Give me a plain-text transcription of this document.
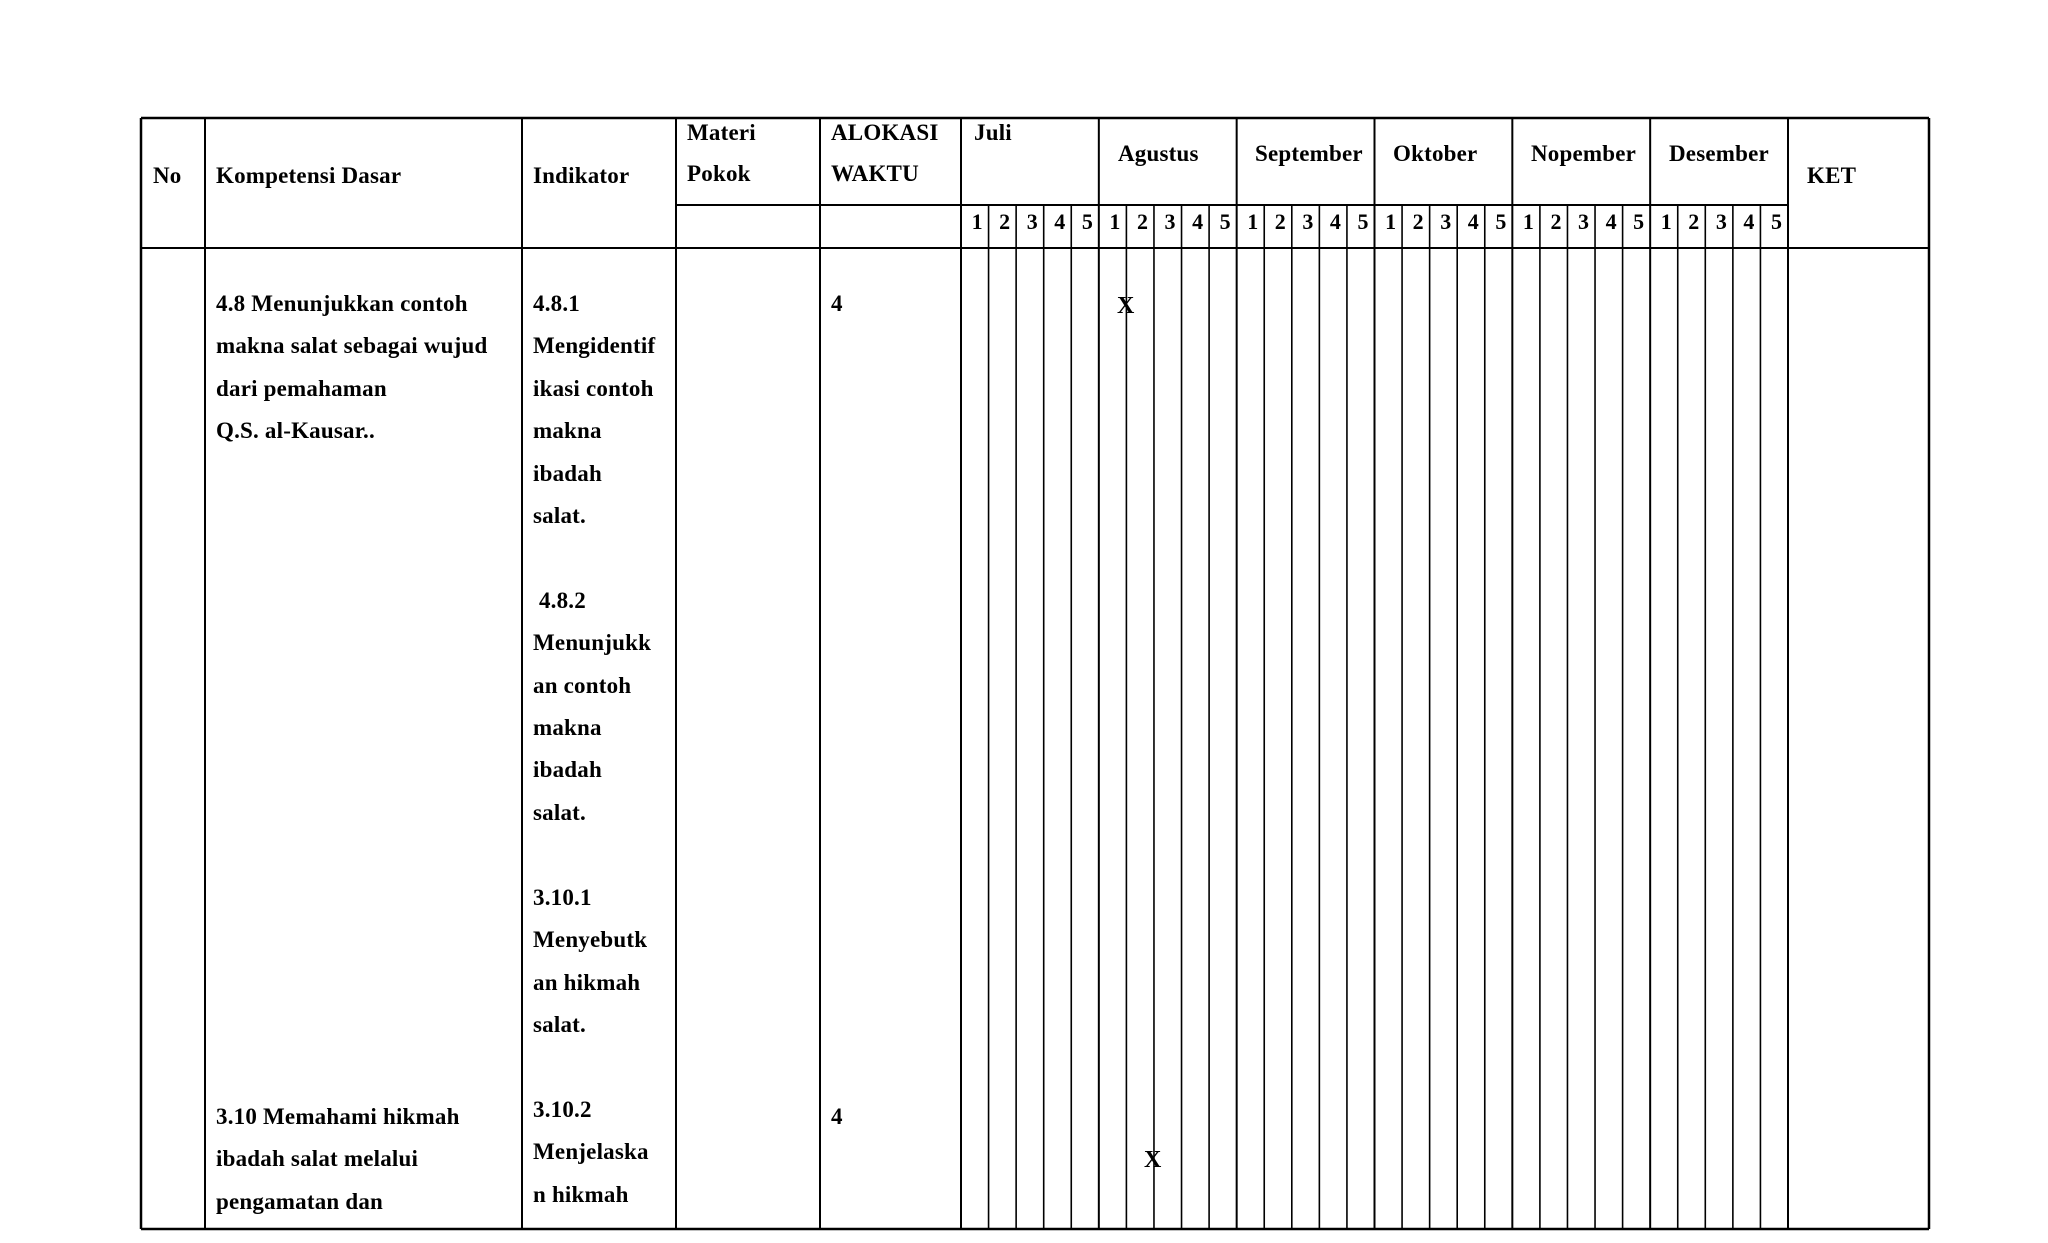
No Kompetensi Dasar	Indikator
Materi
Pokok
ALOKASI
WAKTU
Juli
Agustus September Oktober Nopember Desember
KET
1 2 3 4 5 1 2 3 4 5 1 2 3 4 5 1 2 3 4 5 1 2 3 4 5 1 2 3 4 5
4.8 Menunjukkan contoh
makna salat sebagai wujud
dari pemahaman
Q.S. al-Kausar..
4
3.10 Memahami hikmah
ibadah salat melalui
pengamatan dan
4
4.8.1
Mengidentif
ikasi contoh
makna
ibadah
salat.

4.8.2
Menunjukk
an contoh
makna
ibadah
salat.

3.10.1
Menyebutk
an hikmah
salat.

3.10.2
Menjelaska
n hikmah
X
X
